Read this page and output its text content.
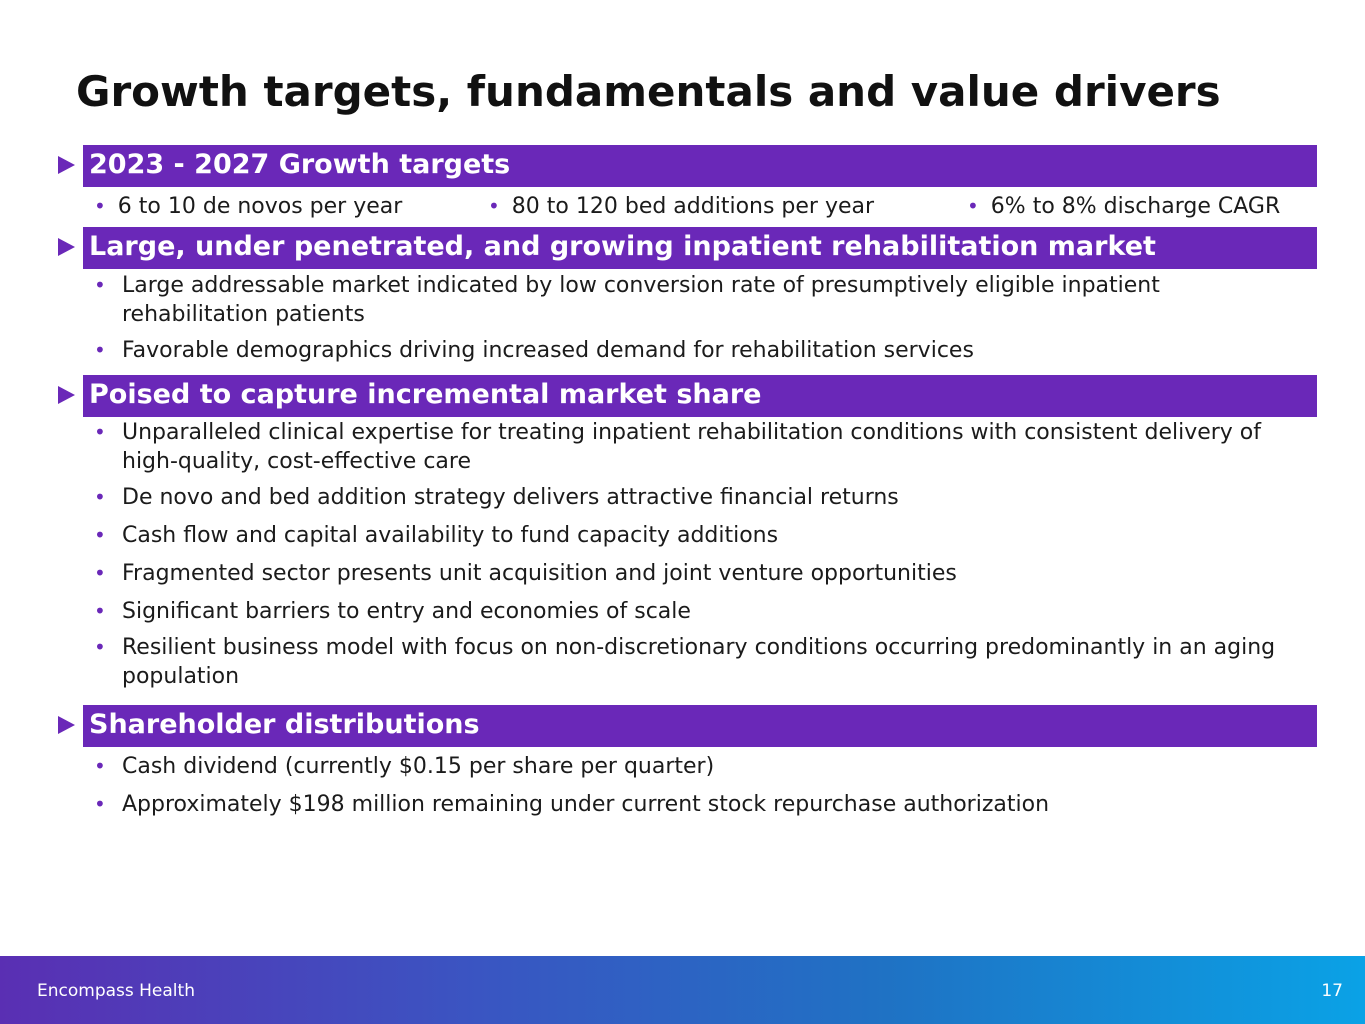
Growth targets, fundamentals and value drivers
2023 - 2027 Growth targets
• 6 to 10 de novos per year	• 80 to 120 bed additions per year	• 6% to 8% discharge CAGR
Large, under penetrated, and growing inpatient rehabilitation market
• Large addressable market indicated by low conversion rate of presumptively eligible inpatient rehabilitation patients
• Favorable demographics driving increased demand for rehabilitation services
Poised to capture incremental market share
• Unparalleled clinical expertise for treating inpatient rehabilitation conditions with consistent delivery of high-quality, cost-effective care
• De novo and bed addition strategy delivers attractive financial returns
• Cash flow and capital availability to fund capacity additions
• Fragmented sector presents unit acquisition and joint venture opportunities
• Significant barriers to entry and economies of scale
• Resilient business model with focus on non-discretionary conditions occurring predominantly in an aging population
Shareholder distributions
• Cash dividend (currently $0.15 per share per quarter)
• Approximately $198 million remaining under current stock repurchase authorization
Encompass Health	17
